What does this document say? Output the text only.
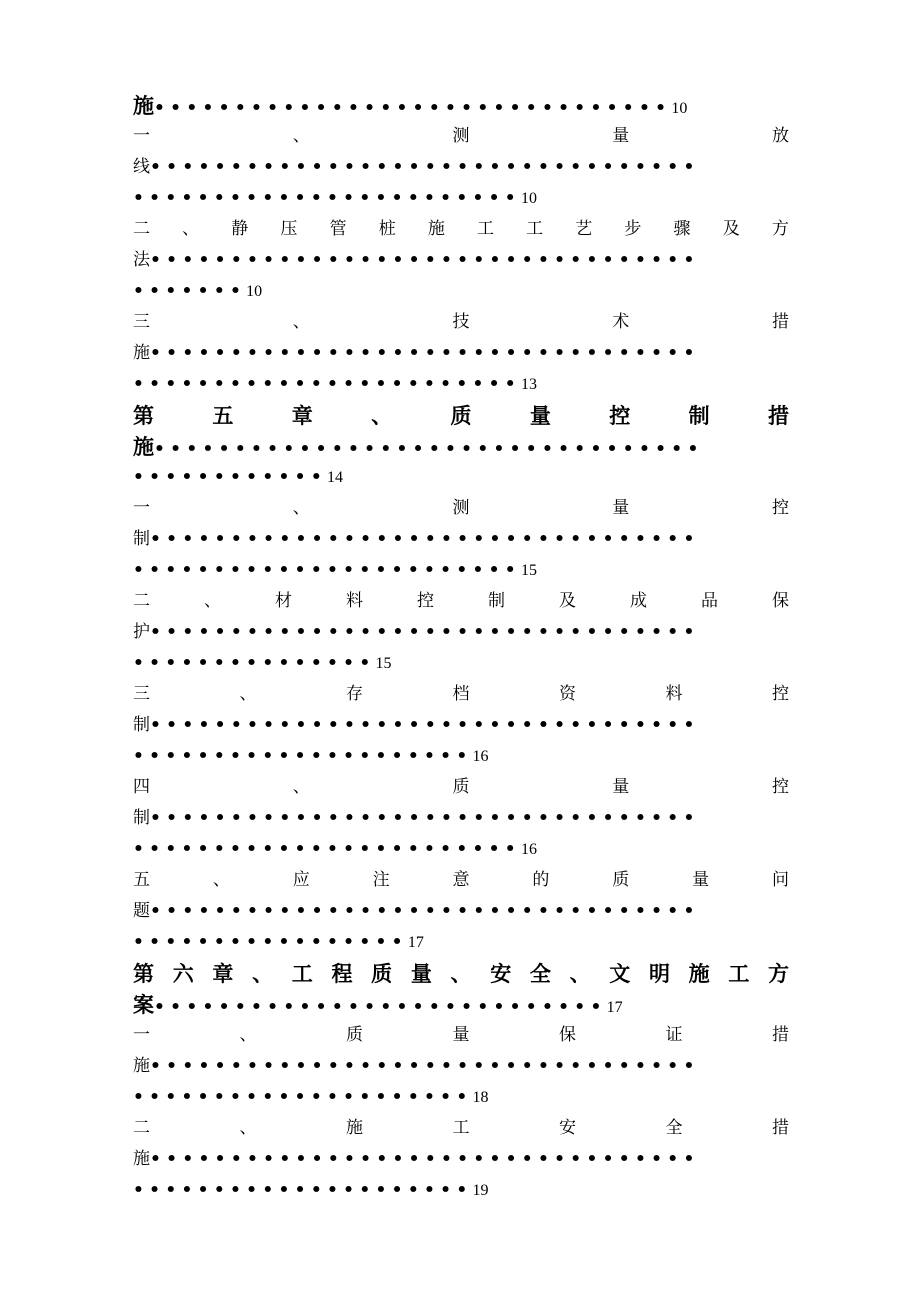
施 •••••••••••••••••••••••••••••••• 10
一	、	测	量	放
线 ••••••••••••••••••••••••••••••••••
•••••••••••••••••••••••• 10
二 、 静 压 管 桩 施 工 工 艺 步 骤 及 方
法 ••••••••••••••••••••••••••••••••••
••••••• 10
三	、	技	术	措
施 ••••••••••••••••••••••••••••••••••
•••••••••••••••••••••••• 13
第	五	章	、	质	量	控	制	措
施 ••••••••••••••••••••••••••••••••••
•••••••••••• 14
一	、	测	量	控
制 ••••••••••••••••••••••••••••••••••
•••••••••••••••••••••••• 15
二	、	材	料	控	制	及	成	品	保
护 ••••••••••••••••••••••••••••••••••
••••••••••••••• 15
三	、	存	档	资	料	控
制 ••••••••••••••••••••••••••••••••••
••••••••••••••••••••• 16
四	、	质	量	控
制 ••••••••••••••••••••••••••••••••••
•••••••••••••••••••••••• 16
五	、	应	注	意	的	质	量	问
题 ••••••••••••••••••••••••••••••••••
••••••••••••••••• 17
第 六 章 、 工 程 质 量 、 安 全 、 文 明 施 工 方
案 •••••••••••••••••••••••••••• 17
一	、	质	量	保	证	措
施 ••••••••••••••••••••••••••••••••••
••••••••••••••••••••• 18
二	、	施	工	安	全	措
施 ••••••••••••••••••••••••••••••••••
••••••••••••••••••••• 19
